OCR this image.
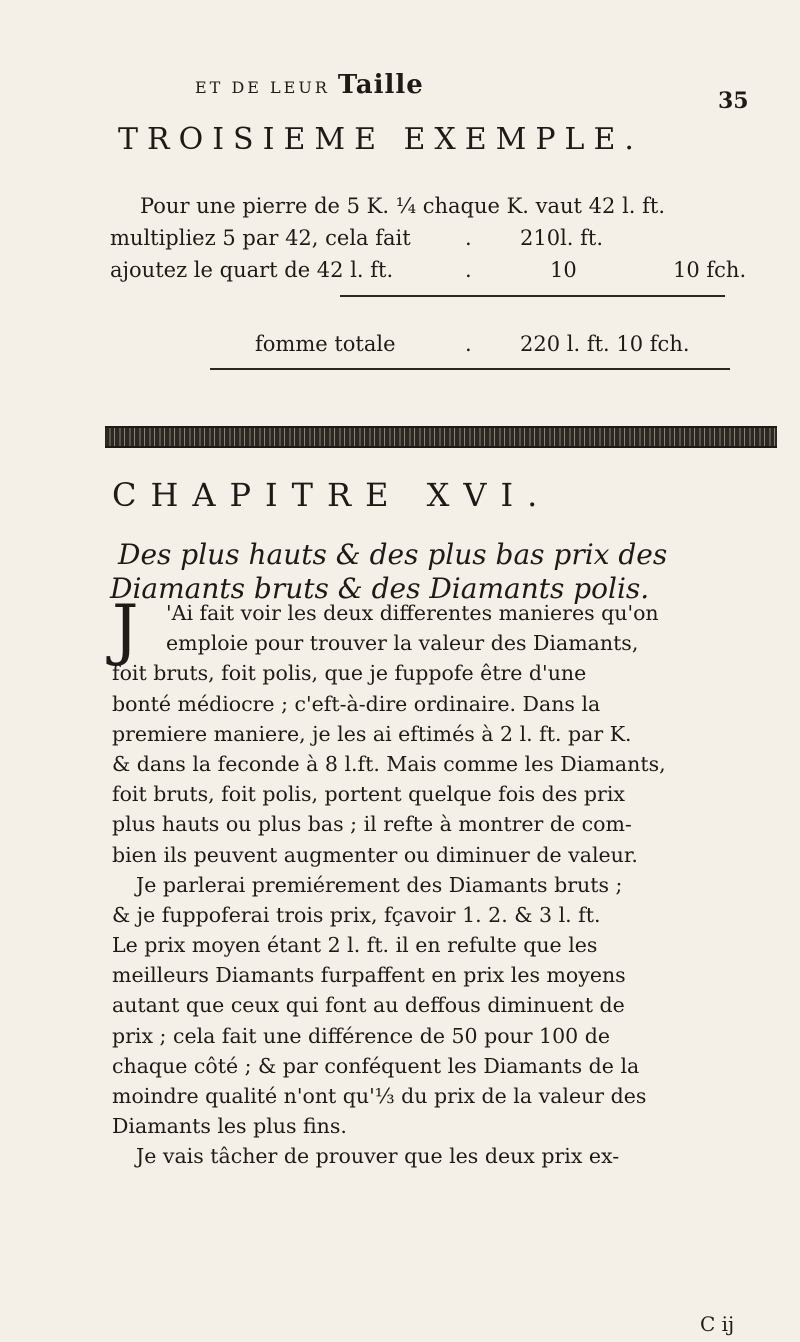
ET DE LEUR Taille
35
TROISIEME EXEMPLE.
Pour une pierre de 5 K. ¼ chaque K. vaut 42 l. ft.
multipliez 5 par 42, cela fait	. 210l. ft.
ajoutez le quart de 42 l. ft.	.	10	10 fch.
fomme totale	. 220 l. ft. 10 fch.
CHAPITRE XVI.
Des plus hauts & des plus bas prix des
Diamants bruts & des Diamants polis.
J	'Ai fait voir les deux differentes manieres qu'on
emploie pour trouver la valeur des Diamants,
foit bruts, foit polis, que je fuppofe être d'une
bonté médiocre ; c'eft-à-dire ordinaire. Dans la
premiere maniere, je les ai eftimés à 2 l. ft. par K.
& dans la feconde à 8 l.ft. Mais comme les Diamants,
foit bruts, foit polis, portent quelque fois des prix
plus hauts ou plus bas ; il refte à montrer de com-
bien ils peuvent augmenter ou diminuer de valeur.
Je parlerai premiérement des Diamants bruts ;
& je fuppoferai trois prix, fçavoir 1. 2. & 3 l. ft.
Le prix moyen étant 2 l. ft. il en refulte que les
meilleurs Diamants furpaffent en prix les moyens
autant que ceux qui font au deffous diminuent de
prix ; cela fait une différence de 50 pour 100 de
chaque côté ; & par conféquent les Diamants de la
moindre qualité n'ont qu'⅓ du prix de la valeur des
Diamants les plus fins.
Je vais tâcher de prouver que les deux prix ex-
C ij
